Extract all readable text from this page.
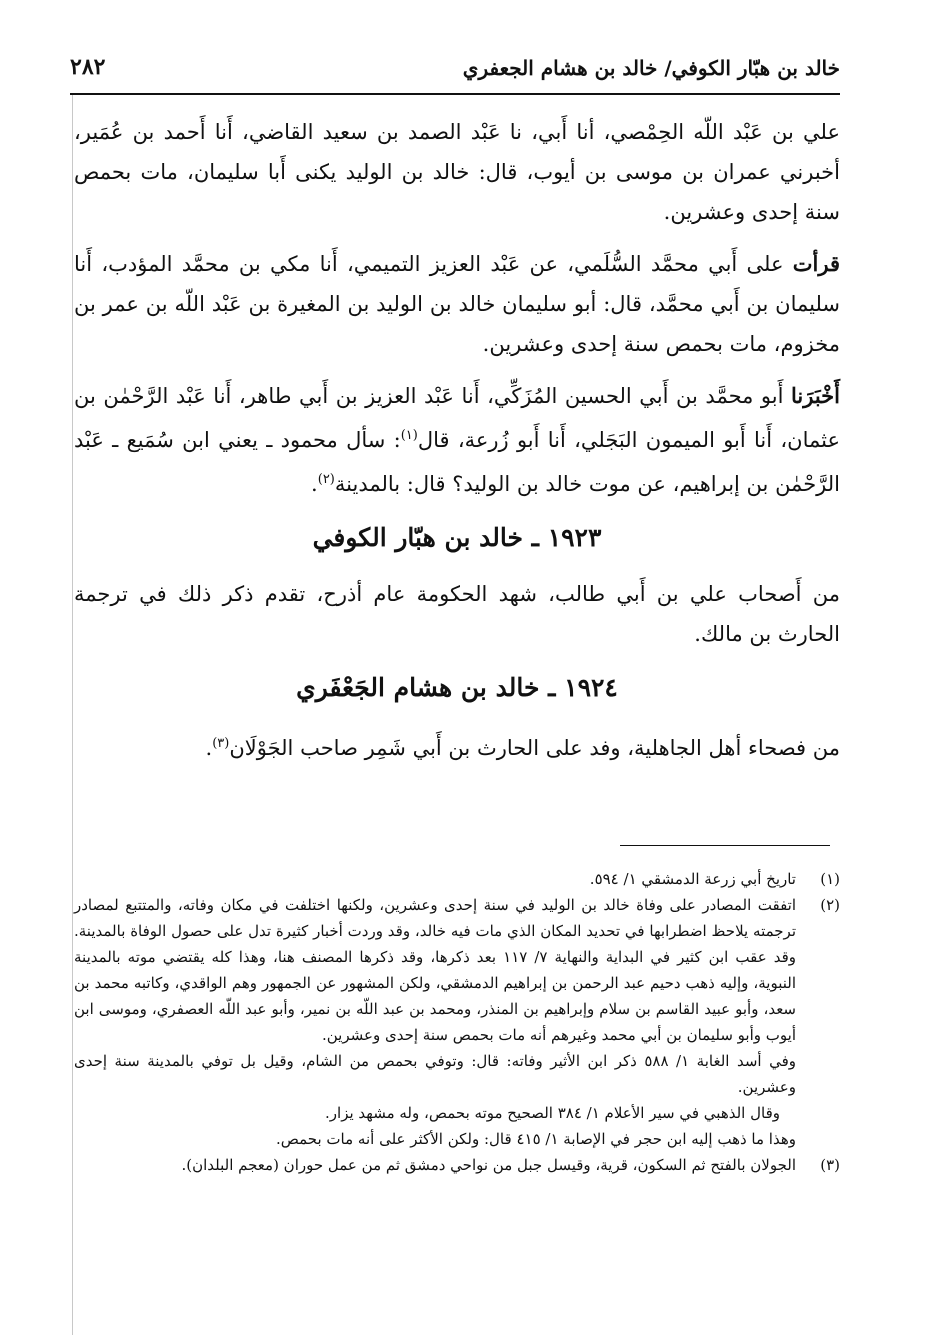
خالد بن هبّار الكوفي/ خالد بن هشام الجعفري
٢٨٢

علي بن عَبْد اللّه الحِمْصي، أنا أَبي، نا عَبْد الصمد بن سعيد القاضي، أَنا أَحمد بن عُمَير، أخبرني عمران بن موسى بن أيوب، قال: خالد بن الوليد يكنى أَبا سليمان، مات بحمص سنة إحدى وعشرين.

قرأت على أَبي محمَّد السُّلَمي، عن عَبْد العزيز التميمي، أَنا مكي بن محمَّد المؤدب، أَنا سليمان بن أَبي محمَّد، قال: أبو سليمان خالد بن الوليد بن المغيرة بن عَبْد اللّه بن عمر بن مخزوم، مات بحمص سنة إحدى وعشرين.

أَخْبَرَنا أَبو محمَّد بن أَبي الحسين المُزَكِّي، أَنا عَبْد العزيز بن أَبي طاهر، أَنا عَبْد الرَّحْمٰن بن عثمان، أَنا أَبو الميمون البَجَلي، أَنا أَبو زُرعة، قال$^{(١)}$: سأل محمود ـ يعني ابن سُمَيع ـ عَبْد الرَّحْمٰن بن إبراهيم، عن موت خالد بن الوليد؟ قال: بالمدينة$^{(٢)}$.

١٩٢٣ ـ خالد بن هبّار الكوفي

من أَصحاب علي بن أَبي طالب، شهد الحكومة عام أذرح، تقدم ذكر ذلك في ترجمة الحارث بن مالك.

١٩٢٤ ـ خالد بن هشام الجَعْفَري

من فصحاء أهل الجاهلية، وفد على الحارث بن أَبي شَمِر صاحب الجَوْلَان$^{(٣)}$.

(١)
تاريخ أبي زرعة الدمشقي ١/ ٥٩٤.
(٢)
اتفقت المصادر على وفاة خالد بن الوليد في سنة إحدى وعشرين، ولكنها اختلفت في مكان وفاته، والمتتبع لمصادر ترجمته يلاحظ اضطرابها في تحديد المكان الذي مات فيه خالد، وقد وردت أخبار كثيرة تدل على حصول الوفاة بالمدينة. وقد عقب ابن كثير في البداية والنهاية ٧/ ١١٧ بعد ذكرها، وقد ذكرها المصنف هنا، وهذا كله يقتضي موته بالمدينة النبوية، وإليه ذهب دحيم عبد الرحمن بن إبراهيم الدمشقي، ولكن المشهور عن الجمهور وهم الواقدي، وكاتبه محمد بن سعد، وأبو عبيد القاسم بن سلام وإبراهيم بن المنذر، ومحمد بن عبد اللّه بن نمير، وأبو عبد اللّه العصفري، وموسى ابن أيوب وأبو سليمان بن أبي محمد وغيرهم أنه مات بحمص سنة إحدى وعشرين.
وفي أسد الغابة ١/ ٥٨٨ ذكر ابن الأثير وفاته: قال: وتوفي بحمص من الشام، وقيل بل توفي بالمدينة سنة إحدى وعشرين.
وقال الذهبي في سير الأعلام ١/ ٣٨٤ الصحيح موته بحمص، وله مشهد يزار.
وهذا ما ذهب إليه ابن حجر في الإصابة ١/ ٤١٥ قال: ولكن الأكثر على أنه مات بحمص.
(٣)
الجولان بالفتح ثم السكون، قرية، وقيسل جبل من نواحي دمشق ثم من عمل حوران (معجم البلدان).
